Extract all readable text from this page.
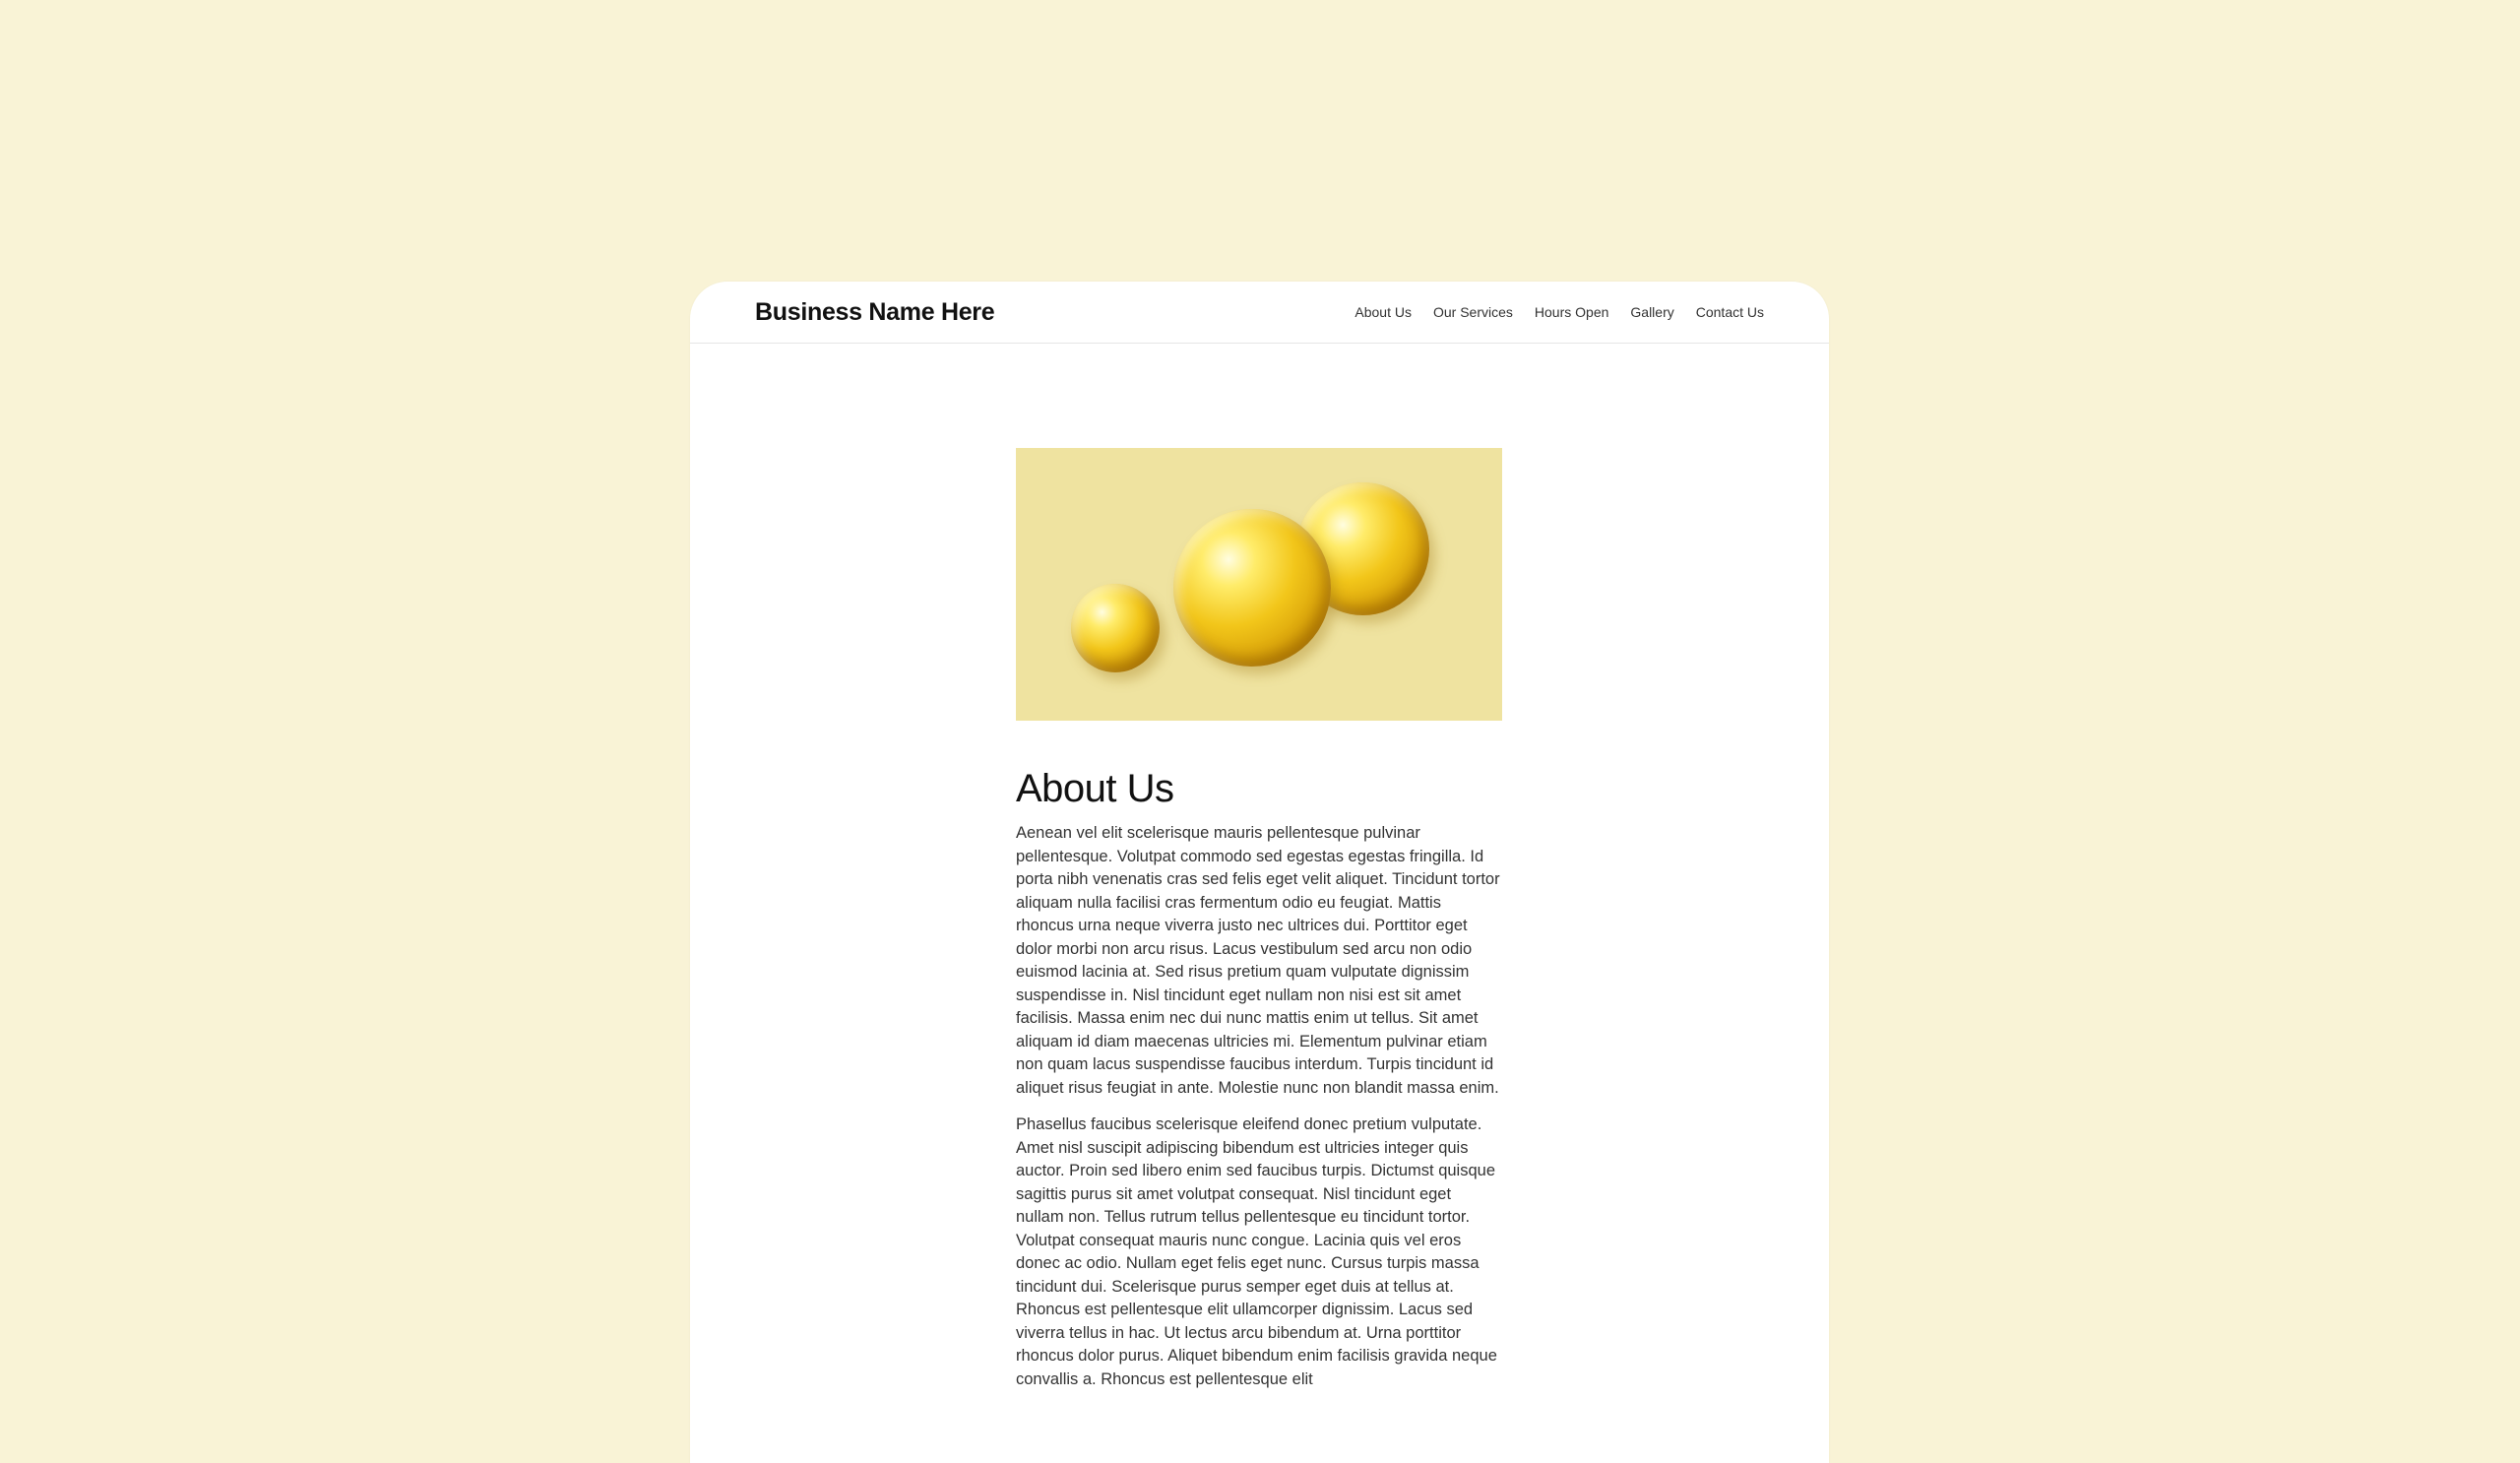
Business Name Here	About Us Our Services Hours Open Gallery Contact Us
About Us

Aenean vel elit scelerisque mauris pellentesque pulvinar pellentesque. Volutpat commodo sed egestas egestas fringilla. Id porta nibh venenatis cras sed felis eget velit aliquet. Tincidunt tortor aliquam nulla facilisi cras fermentum odio eu feugiat. Mattis rhoncus urna neque viverra justo nec ultrices dui. Porttitor eget dolor morbi non arcu risus. Lacus vestibulum sed arcu non odio euismod lacinia at. Sed risus pretium quam vulputate dignissim suspendisse in. Nisl tincidunt eget nullam non nisi est sit amet facilisis. Massa enim nec dui nunc mattis enim ut tellus. Sit amet aliquam id diam maecenas ultricies mi. Elementum pulvinar etiam non quam lacus suspendisse faucibus interdum. Turpis tincidunt id aliquet risus feugiat in ante. Molestie nunc non blandit massa enim.

Phasellus faucibus scelerisque eleifend donec pretium vulputate. Amet nisl suscipit adipiscing bibendum est ultricies integer quis auctor. Proin sed libero enim sed faucibus turpis. Dictumst quisque sagittis purus sit amet volutpat consequat. Nisl tincidunt eget nullam non. Tellus rutrum tellus pellentesque eu tincidunt tortor. Volutpat consequat mauris nunc congue. Lacinia quis vel eros donec ac odio. Nullam eget felis eget nunc. Cursus turpis massa tincidunt dui. Scelerisque purus semper eget duis at tellus at. Rhoncus est pellentesque elit ullamcorper dignissim. Lacus sed viverra tellus in hac. Ut lectus arcu bibendum at. Urna porttitor rhoncus dolor purus. Aliquet bibendum enim facilisis gravida neque convallis a. Rhoncus est pellentesque elit
